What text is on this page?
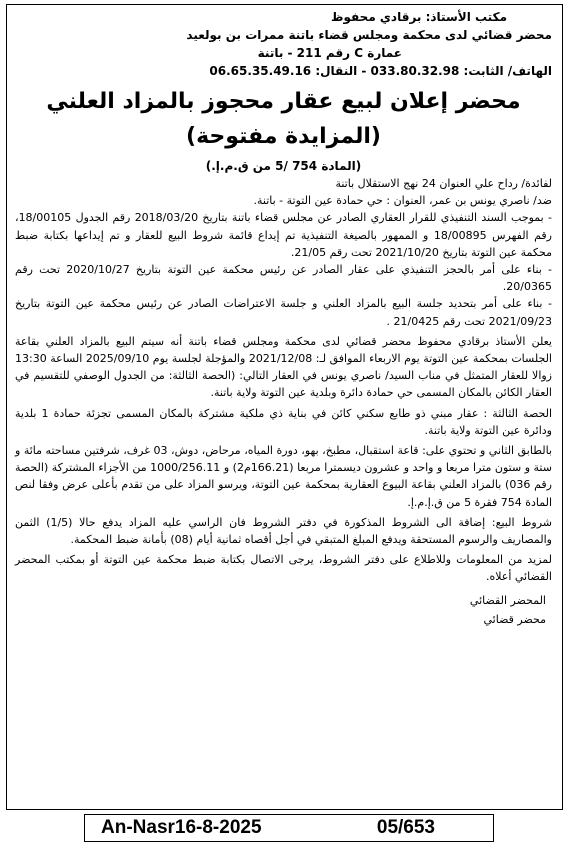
مكتب الأستاذ: برقادي محفوظ
محضر قضائي لدى محكمة ومجلس قضاء باتنة ممرات بن بولعيد
عمارة C رقم 211 - باتنة
الهاتف/ الثابت: 033.80.32.98 - النقال: 06.65.35.49.16
محضر إعلان لبيع عقار محجوز بالمزاد العلني
(المزايدة مفتوحة)
(المادة 754 /5 من ق.م.إ.)

لفائدة/ رداح علي العنوان 24 نهج الاستقلال باتنة

ضد/ ناصري يونس بن عمر، العنوان : حي حمادة عين التوتة - باتنة.

- بموجب السند التنفيذي للقرار العقاري الصادر عن مجلس قضاء باتنة بتاريخ 2018/03/20 رقم الجدول 18/00105، رقم الفهرس 18/00895 و الممهور بالصيغة التنفيذية تم إيداع قائمة شروط البيع للعقار و تم إيداعها بكتابة ضبط محكمة عين التوتة بتاريخ 2021/10/20 تحت رقم 21/05.

- بناء على أمر بالحجز التنفيذي على عقار الصادر عن رئيس محكمة عين التوتة بتاريخ 2020/10/27 تحت رقم 20/0365.

- بناء على أمر بتحديد جلسة البيع بالمزاد العلني و جلسة الاعتراضات الصادر عن رئيس محكمة عين التوتة بتاريخ 2021/09/23 تحت رقم 21/0425 .

يعلن الأستاذ برقادي محفوظ محضر قضائي لدى محكمة ومجلس قضاء باتنة أنه سيتم البيع بالمزاد العلني بقاعة الجلسات بمحكمة عين التوتة يوم الاربعاء الموافق لـ: 2021/12/08 والمؤجلة لجلسة يوم 2025/09/10 الساعة 13:30 زوالا للعقار المتمثل في مناب السيد/ ناصري يونس في العقار التالي: (الحصة الثالثة: من الجدول الوصفي للتقسيم في العقار الكائن بالمكان المسمى حي حمادة دائرة وبلدية عين التوتة ولاية باتنة.

الحصة الثالثة : عقار مبني ذو طابع سكني كائن في بناية ذي ملكية مشتركة بالمكان المسمى تجزئة حمادة 1 بلدية ودائرة عين التوتة ولاية باتنة.

بالطابق الثاني و تحتوي على: قاعة استقبال، مطبخ، بهو، دورة المياه، مرحاض، دوش، 03 غرف، شرفتين مساحته مائة و ستة و ستون مترا مربعا و واحد و عشرون ديسمترا مربعا (166.21م2) و 1000/256.11 من الأجزاء المشتركة (الحصة رقم 036) بالمزاد العلني بقاعة البيوع العقارية بمحكمة عين التوتة، ويرسو المزاد على من تقدم بأعلى عرض وفقا لنص المادة 754 فقرة 5 من ق.إ.م.إ.

شروط البيع: إضافة الى الشروط المذكورة في دفتر الشروط فان الراسي عليه المزاد يدفع حالا (1/5) الثمن والمصاريف والرسوم المستحقة ويدفع المبلغ المتبقي في أجل أقصاه ثمانية أيام (08) بأمانة ضبط المحكمة.

لمزيد من المعلومات وللاطلاع على دفتر الشروط، يرجى الاتصال بكتابة ضبط محكمة عين التوتة أو بمكتب المحضر القضائي أعلاه.

المحضر القضائي
محضر قضائي
An-Nasr16-8-2025	05/653
